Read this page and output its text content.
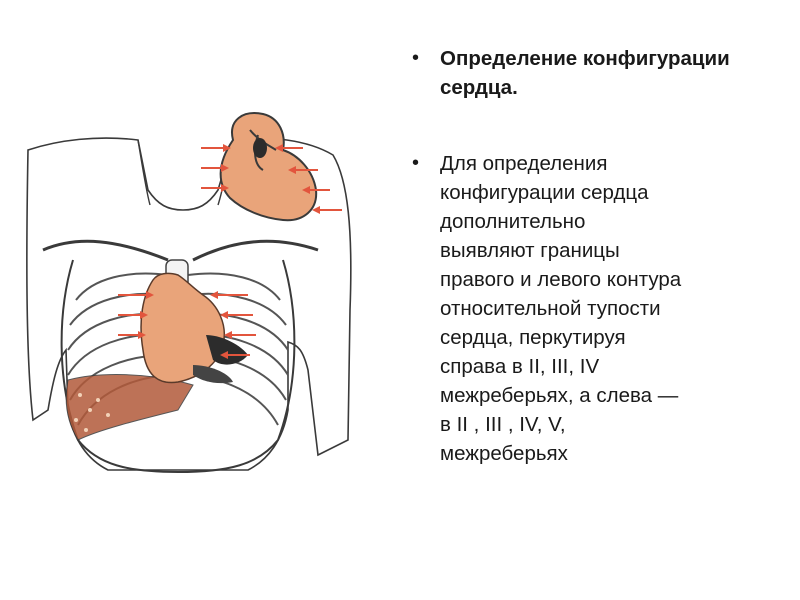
• Определение конфигурации сердца.

• Для определения
конфигурации сердца
дополнительно
выявляют границы
правого и левого контура
относительной тупости
сердца, перкутируя
справа в II, III, IV
межреберьях, а слева —
в II , III , IV, V,
межреберьях
